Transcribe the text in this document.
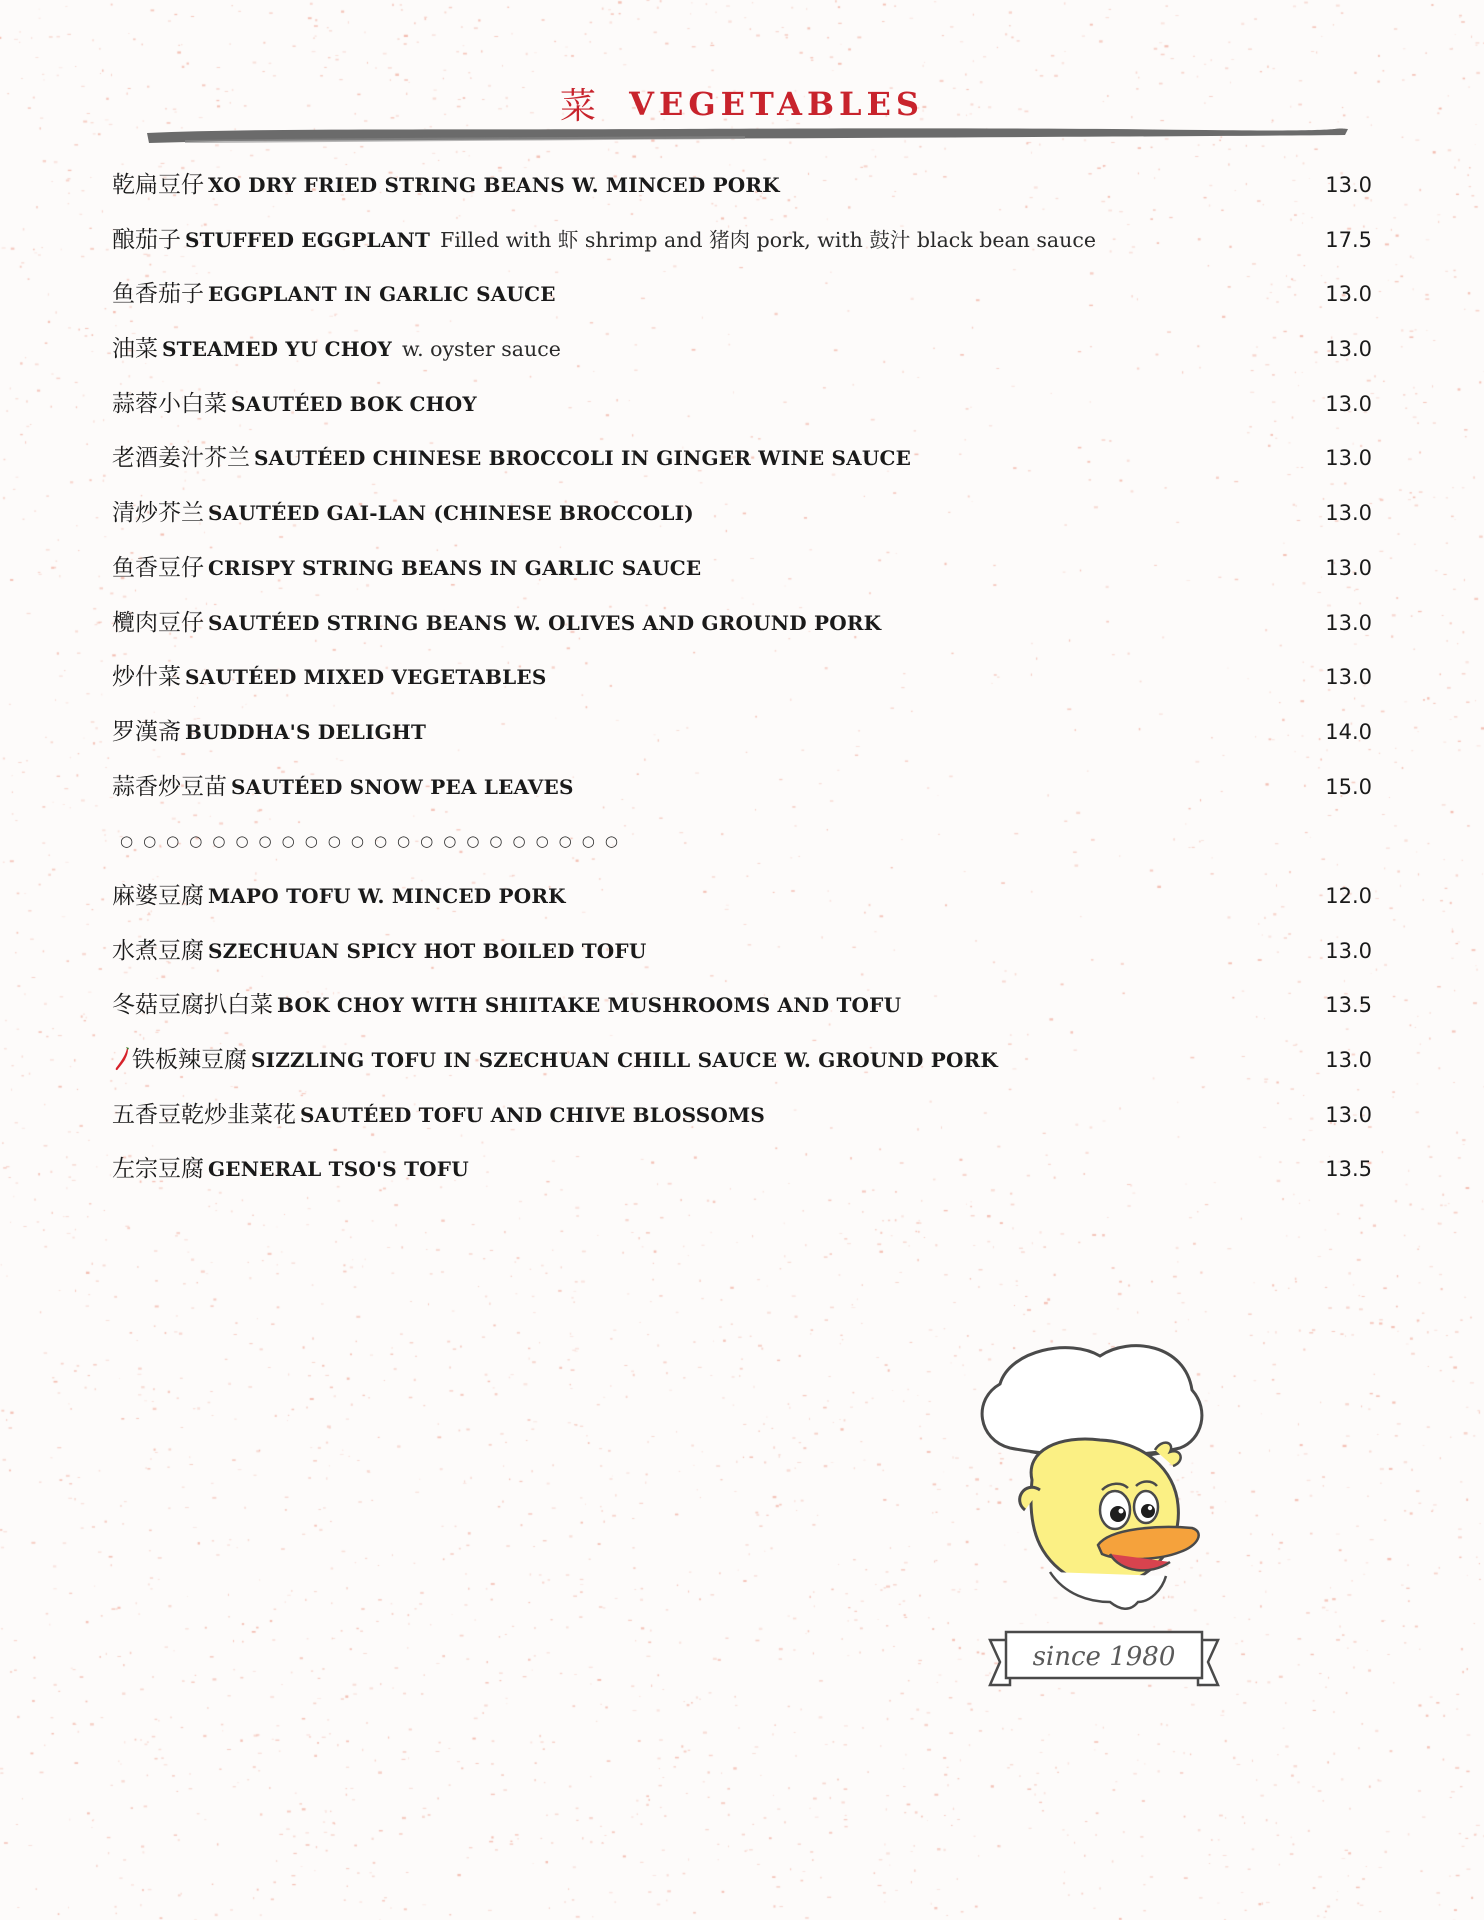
菜 VEGETABLES
乾扁豆仔 XO DRY FRIED STRING BEANS W. MINCED PORK	13.0
酿茄子 STUFFED EGGPLANT Filled with 虾 shrimp and 猪肉 pork, with 鼓汁 black bean sauce	17.5
鱼香茄子 EGGPLANT IN GARLIC SAUCE	13.0
油菜 STEAMED YU CHOY w. oyster sauce	13.0
蒜蓉小白菜 SAUTÉED BOK CHOY	13.0
老酒姜汁芥兰 SAUTÉED CHINESE BROCCOLI IN GINGER WINE SAUCE	13.0
清炒芥兰 SAUTÉED GAI-LAN (CHINESE BROCCOLI)	13.0
鱼香豆仔 CRISPY STRING BEANS IN GARLIC SAUCE	13.0
欖肉豆仔 SAUTÉED STRING BEANS W. OLIVES AND GROUND PORK	13.0
炒什菜 SAUTÉED MIXED VEGETABLES	13.0
罗漢斋 BUDDHA'S DELIGHT	14.0
蒜香炒豆苗 SAUTÉED SNOW PEA LEAVES	15.0
○○○○○○○○○○○○○○○○○○○○○○
麻婆豆腐 MAPO TOFU W. MINCED PORK	12.0
水煮豆腐 SZECHUAN SPICY HOT BOILED TOFU	13.0
冬菇豆腐扒白菜 BOK CHOY WITH SHIITAKE MUSHROOMS AND TOFU	13.5
铁板辣豆腐 SIZZLING TOFU IN SZECHUAN CHILL SAUCE W. GROUND PORK	13.0
五香豆乾炒韭菜花 SAUTÉED TOFU AND CHIVE BLOSSOMS	13.0
左宗豆腐 GENERAL TSO'S TOFU	13.5
since 1980
